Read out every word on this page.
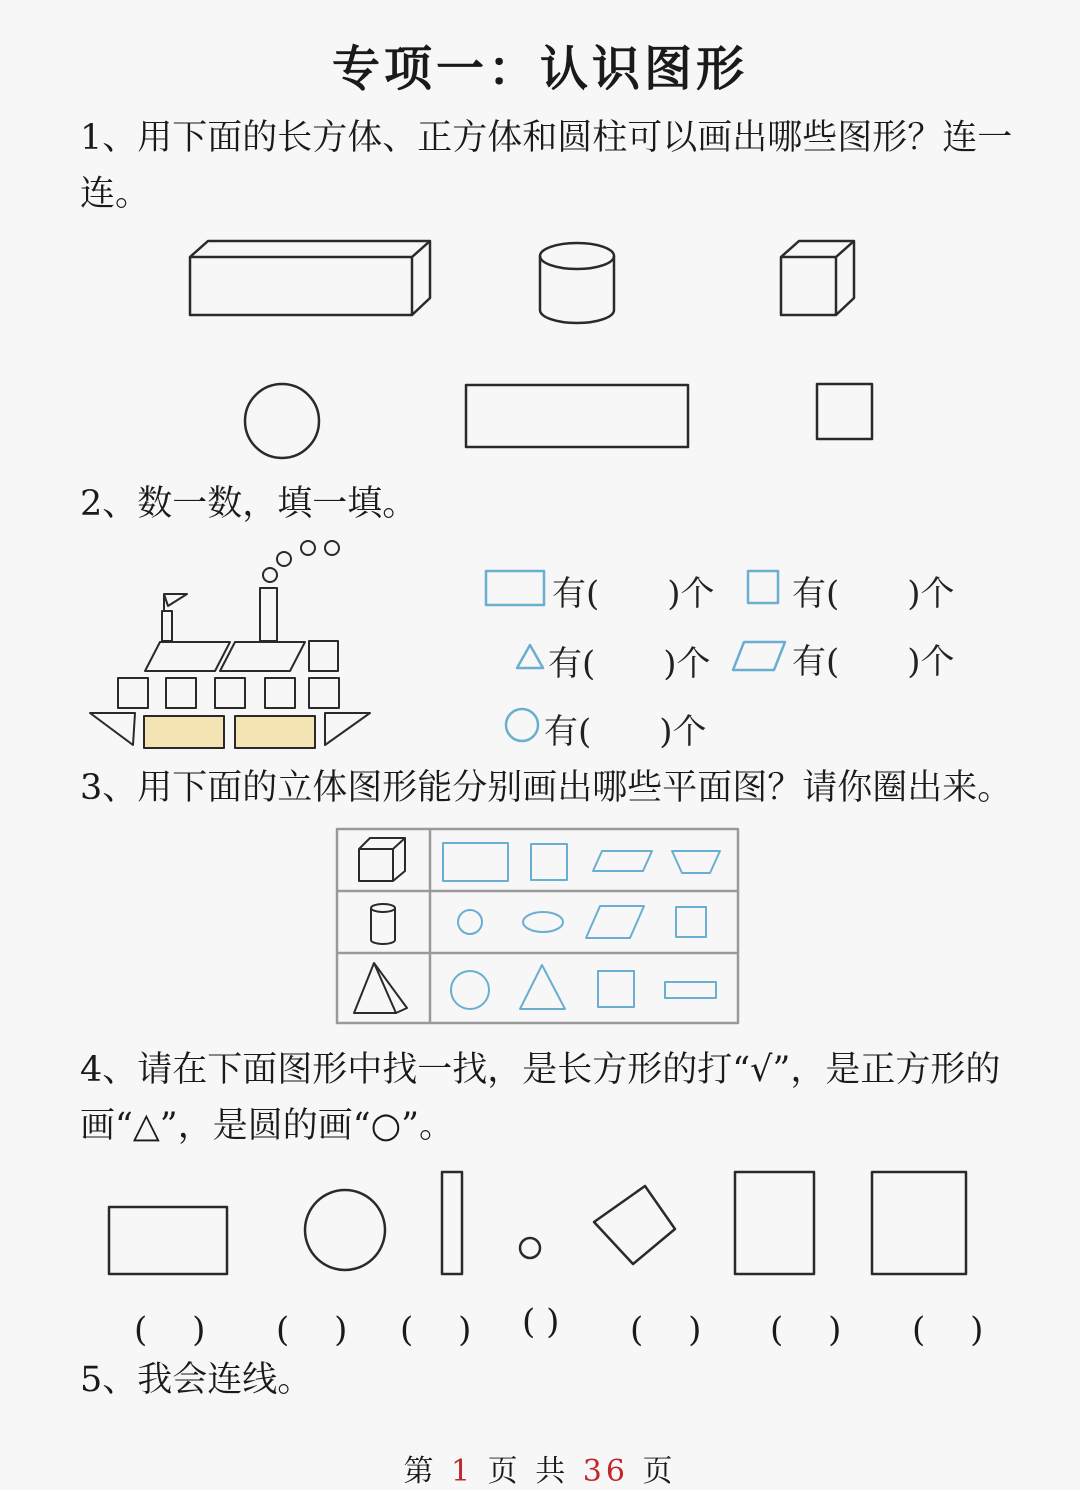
专项一：认识图形
1、用下面的长方体、正方体和圆柱可以画出哪些图形？连一连。
2、数一数，填一填。
3、用下面的立体图形能分别画出哪些平面图？请你圈出来。
4、请在下面图形中找一找，是长方形的打“√”，是正方形的画“△”，是圆的画“○”。
5、我会连线。
有(　　)个 有(　　)个
有(　　)个 有(　　)个
有(　　)个
(　 ) (　 ) (　 ) ( ) (　 ) (　 ) (　 )
第 1 页 共 36 页
